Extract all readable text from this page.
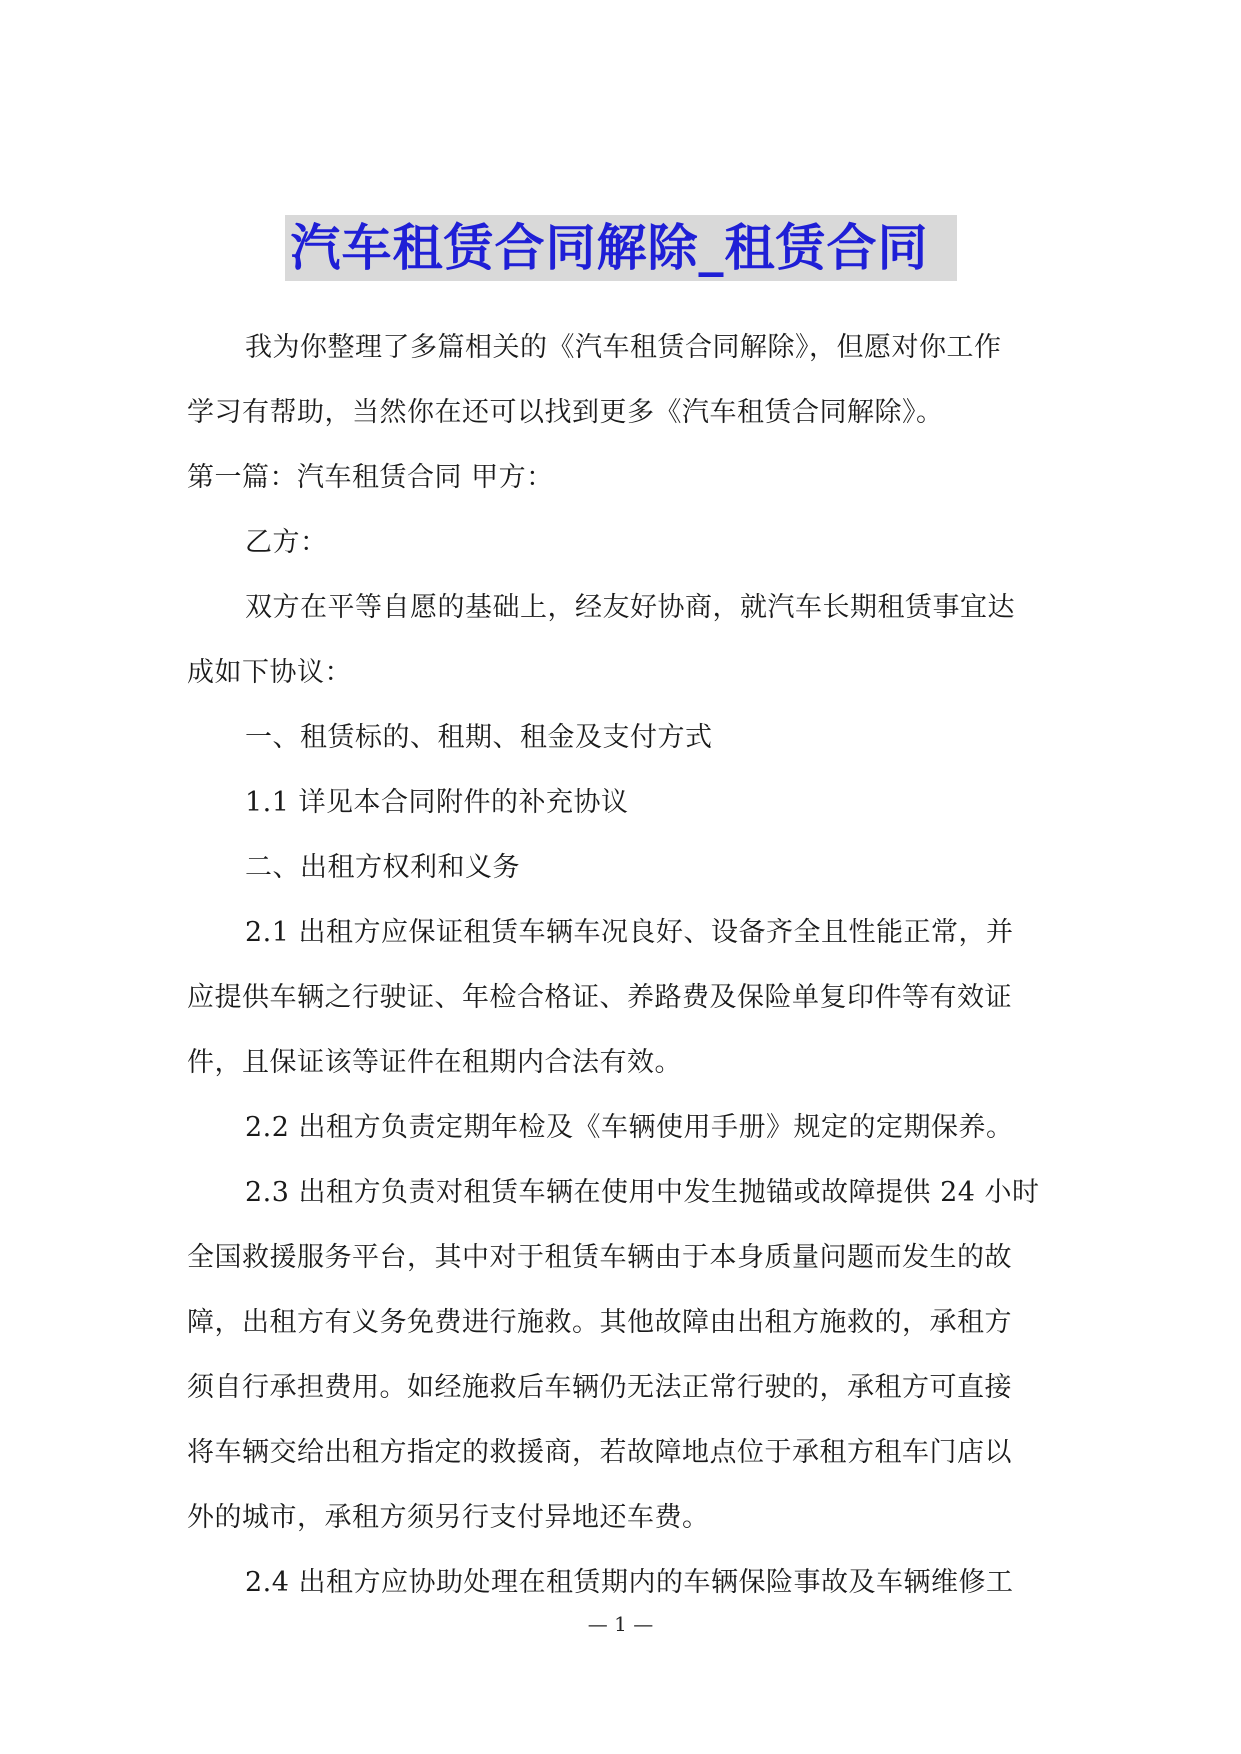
汽车租赁合同解除_租赁合同

我为你整理了多篇相关的《汽车租赁合同解除》，但愿对你工作

学习有帮助，当然你在还可以找到更多《汽车租赁合同解除》。

第一篇：汽车租赁合同 甲方：

乙方：

双方在平等自愿的基础上，经友好协商，就汽车长期租赁事宜达

成如下协议：

一、租赁标的、租期、租金及支付方式

1.1 详见本合同附件的补充协议

二、出租方权利和义务

2.1 出租方应保证租赁车辆车况良好、设备齐全且性能正常，并

应提供车辆之行驶证、年检合格证、养路费及保险单复印件等有效证

件，且保证该等证件在租期内合法有效。

2.2 出租方负责定期年检及《车辆使用手册》规定的定期保养。

2.3 出租方负责对租赁车辆在使用中发生抛锚或故障提供 24 小时

全国救援服务平台，其中对于租赁车辆由于本身质量问题而发生的故

障，出租方有义务免费进行施救。其他故障由出租方施救的，承租方

须自行承担费用。如经施救后车辆仍无法正常行驶的，承租方可直接

将车辆交给出租方指定的救援商，若故障地点位于承租方租车门店以

外的城市，承租方须另行支付异地还车费。

2.4 出租方应协助处理在租赁期内的车辆保险事故及车辆维修工

— 1 —
